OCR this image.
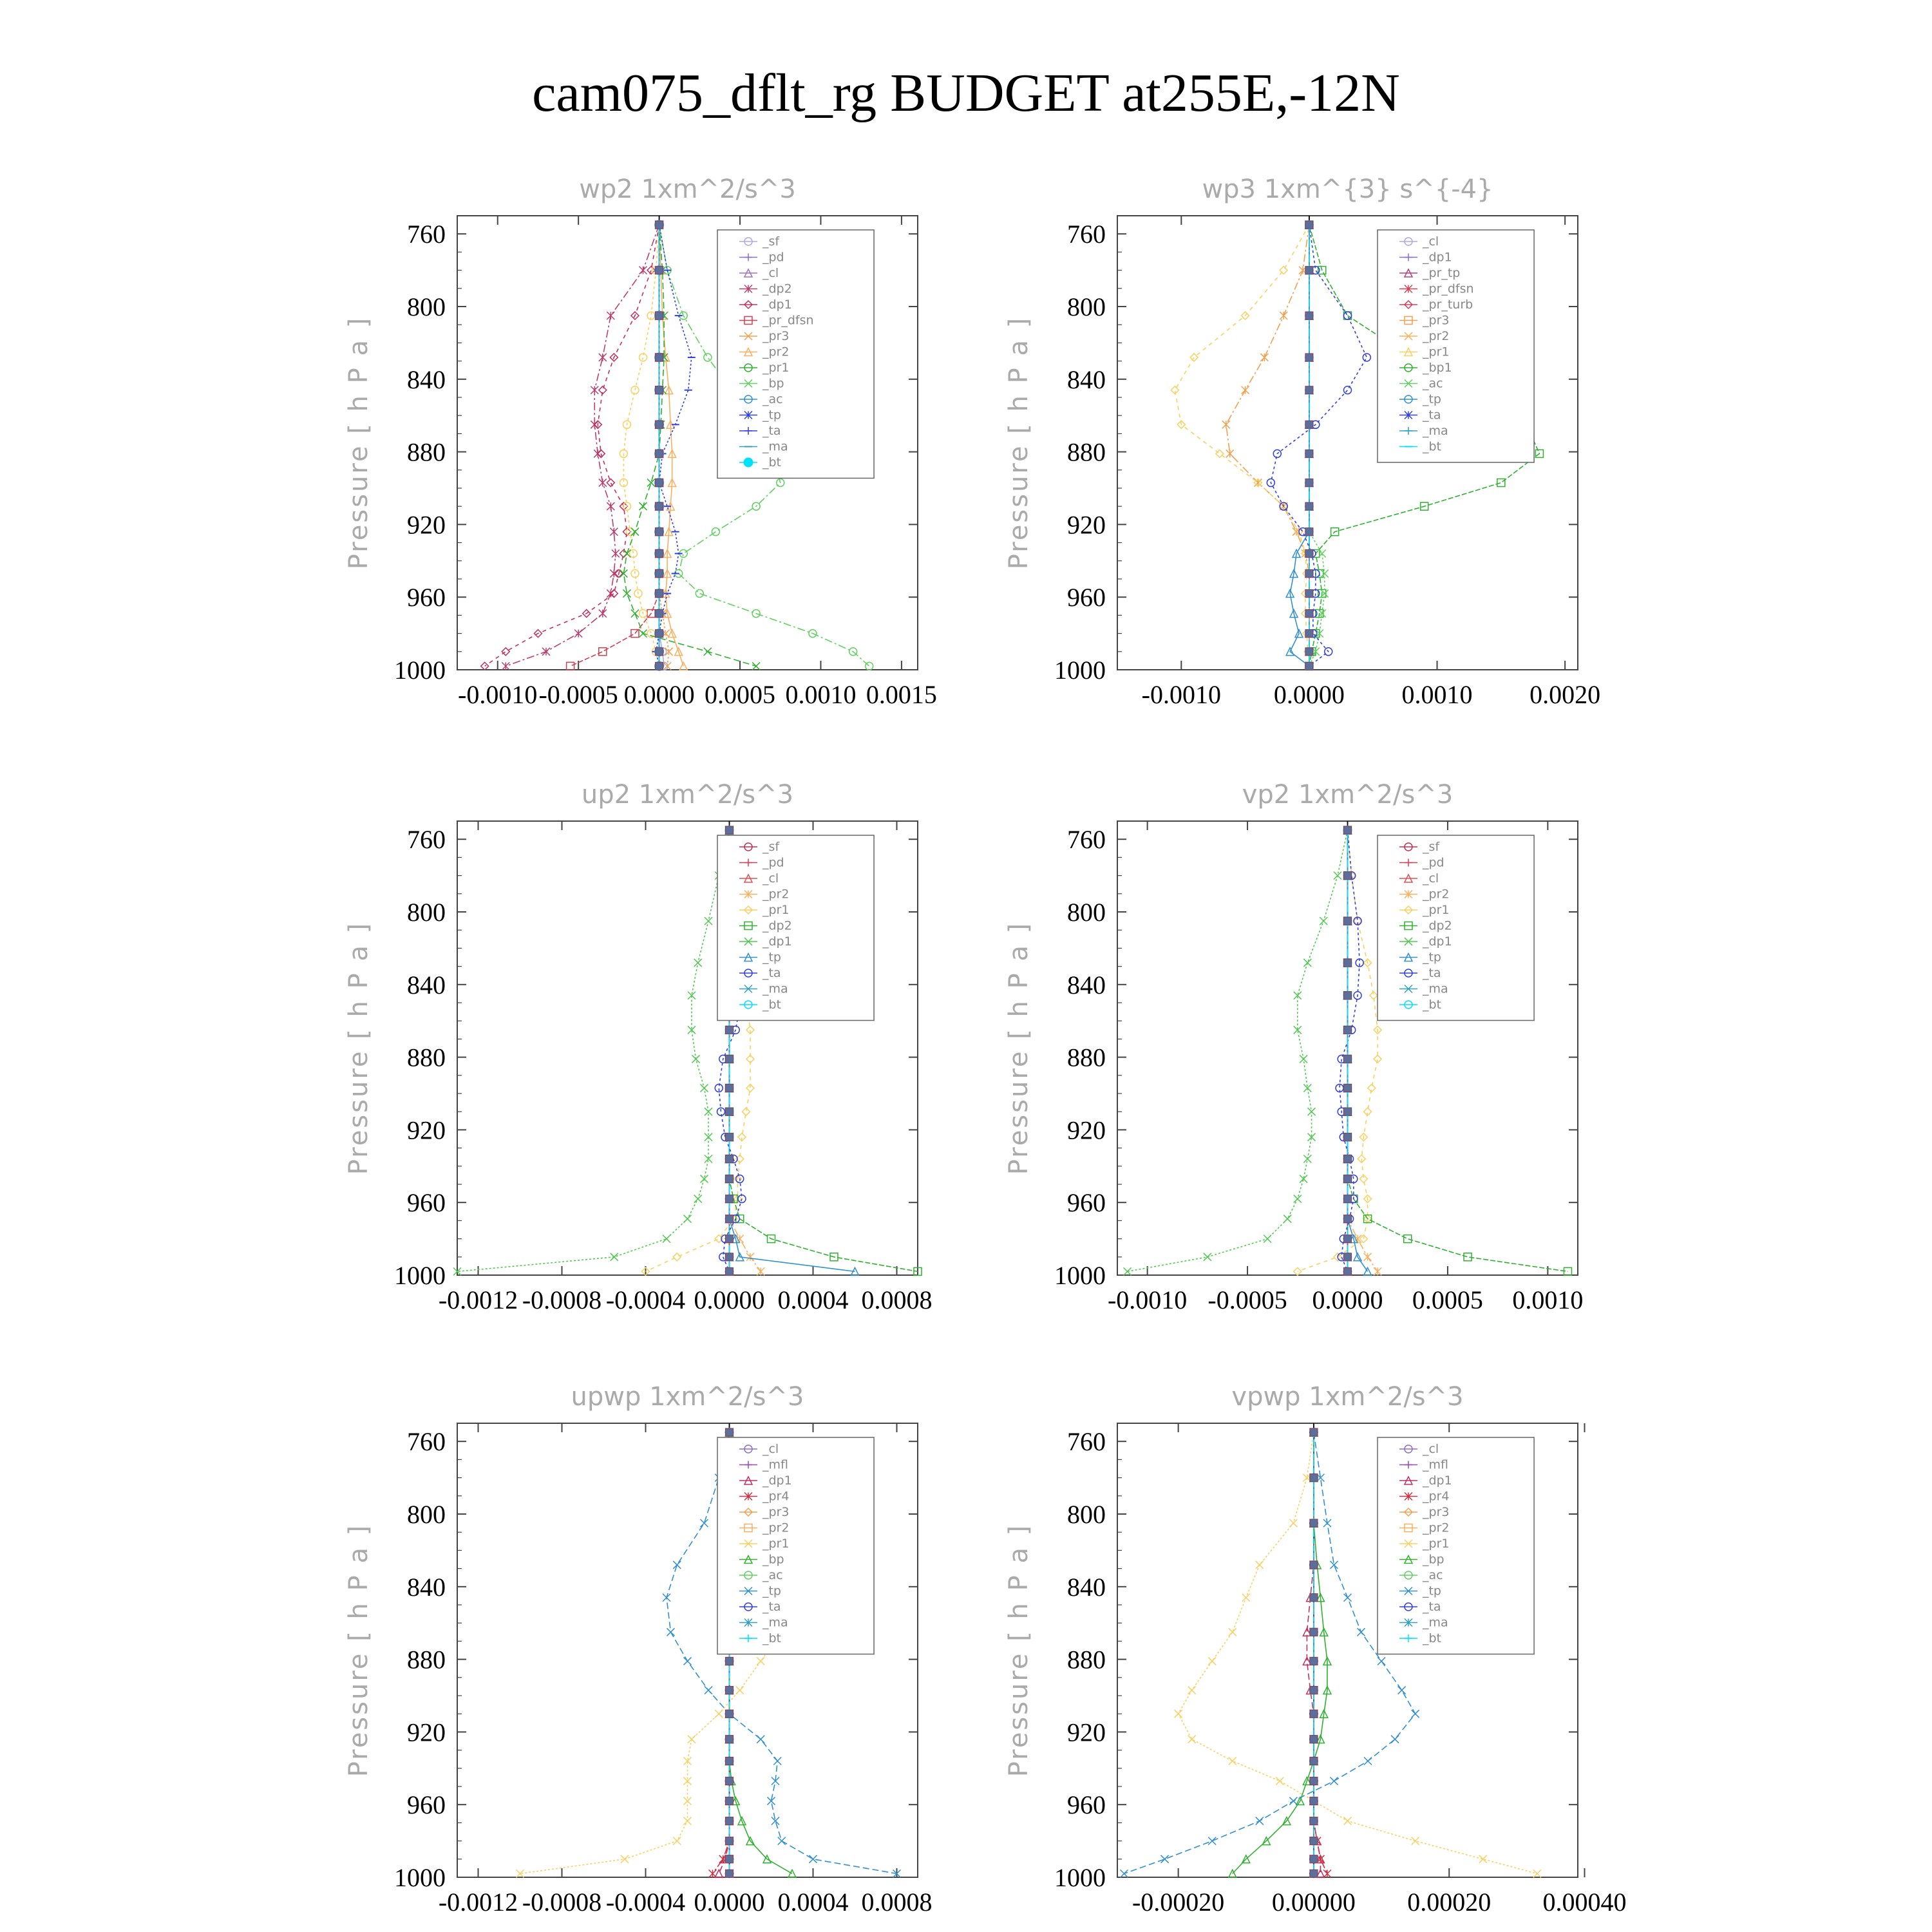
cam075_dflt_rg BUDGET at255E,-12N
wp2 1xm^2/s^3
Pressure [ h P a ]
760
800
840
880
920
960
1000
-0.0010 -0.0005 0.0000 0.0005 0.0010 0.0015
_sf
_pd
_cl
_dp2
_dp1
_pr_dfsn
_pr3
_pr2
_pr1
_bp
_ac
_tp
_ta
_ma
_bt
wp3 1xm^{3} s^{-4}
Pressure [ h P a ]
760
800
840
880
920
960
1000
-0.0010 0.0000 0.0010 0.0020
_cl
_dp1
_pr_tp
_pr_dfsn
_pr_turb
_pr3
_pr2
_pr1
_bp1
_ac
_tp
_ta
_ma
_bt
up2 1xm^2/s^3
Pressure [ h P a ]
760
800
840
880
920
960
1000
-0.0012 -0.0008 -0.0004 0.0000 0.0004 0.0008
_sf
_pd
_cl
_pr2
_pr1
_dp2
_dp1
_tp
_ta
_ma
_bt
vp2 1xm^2/s^3
Pressure [ h P a ]
760
800
840
880
920
960
1000
-0.0010 -0.0005 0.0000 0.0005 0.0010
_sf
_pd
_cl
_pr2
_pr1
_dp2
_dp1
_tp
_ta
_ma
_bt
upwp 1xm^2/s^3
Pressure [ h P a ]
760
800
840
880
920
960
1000
-0.0012 -0.0008 -0.0004 0.0000 0.0004 0.0008
_cl
_mfl
_dp1
_pr4
_pr3
_pr2
_pr1
_bp
_ac
_tp
_ta
_ma
_bt
vpwp 1xm^2/s^3
Pressure [ h P a ]
760
800
840
880
920
960
1000
-0.00020 0.00000 0.00020 0.00040
_cl
_mfl
_dp1
_pr4
_pr3
_pr2
_pr1
_bp
_ac
_tp
_ta
_ma
_bt
